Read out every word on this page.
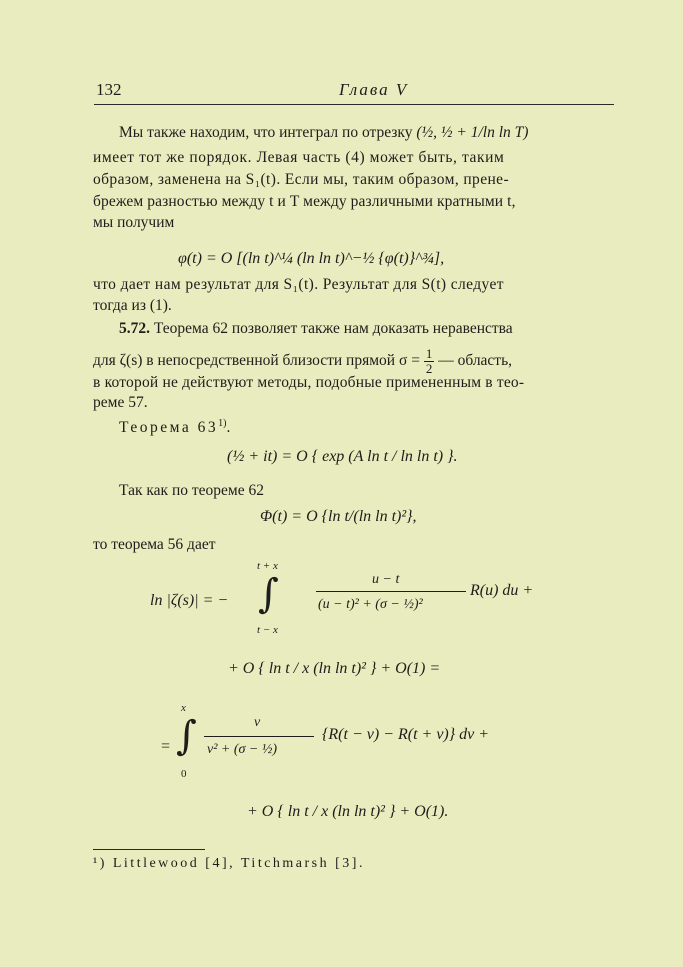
132	Глава V
Мы также находим, что интеграл по отрезку (½, ½ + 1/ln ln T)
имеет тот же порядок. Левая часть (4) может быть, таким
образом, заменена на S₁(t). Если мы, таким образом, прене-
брежем разностью между t и T между различными кратными t,
мы получим
φ(t) = O [(ln t)^¼ (ln ln t)^−½ {φ(t)}^¾],
что дает нам результат для S₁(t). Результат для S(t) следует
тогда из (1).
5.72. Теорема 62 позволяет также нам доказать неравенства
для ζ(s) в непосредственной близости прямой $\sigma = \frac{1}{2}$ — область,
в которой не действуют методы, подобные примененным в тео-
реме 57.
Теорема 63$^{1)}$.
(½ + it) = O { exp (A ln t / ln ln t) }.
Так как по теореме 62
Φ(t) = O {ln t/(ln ln t)²},
то теорема 56 дает
ln |ζ(s)| = −
t + x
∫
t − x
u − t
(u − t)² + (σ − ½)²
R(u) du +
+ O { ln t / x (ln ln t)² } + O(1) =
=
x
∫
0
v
v² + (σ − ½)
{R(t − v) − R(t + v)} dv +
+ O { ln t / x (ln ln t)² } + O(1).
¹) Littlewood [4], Titchmarsh [3].
